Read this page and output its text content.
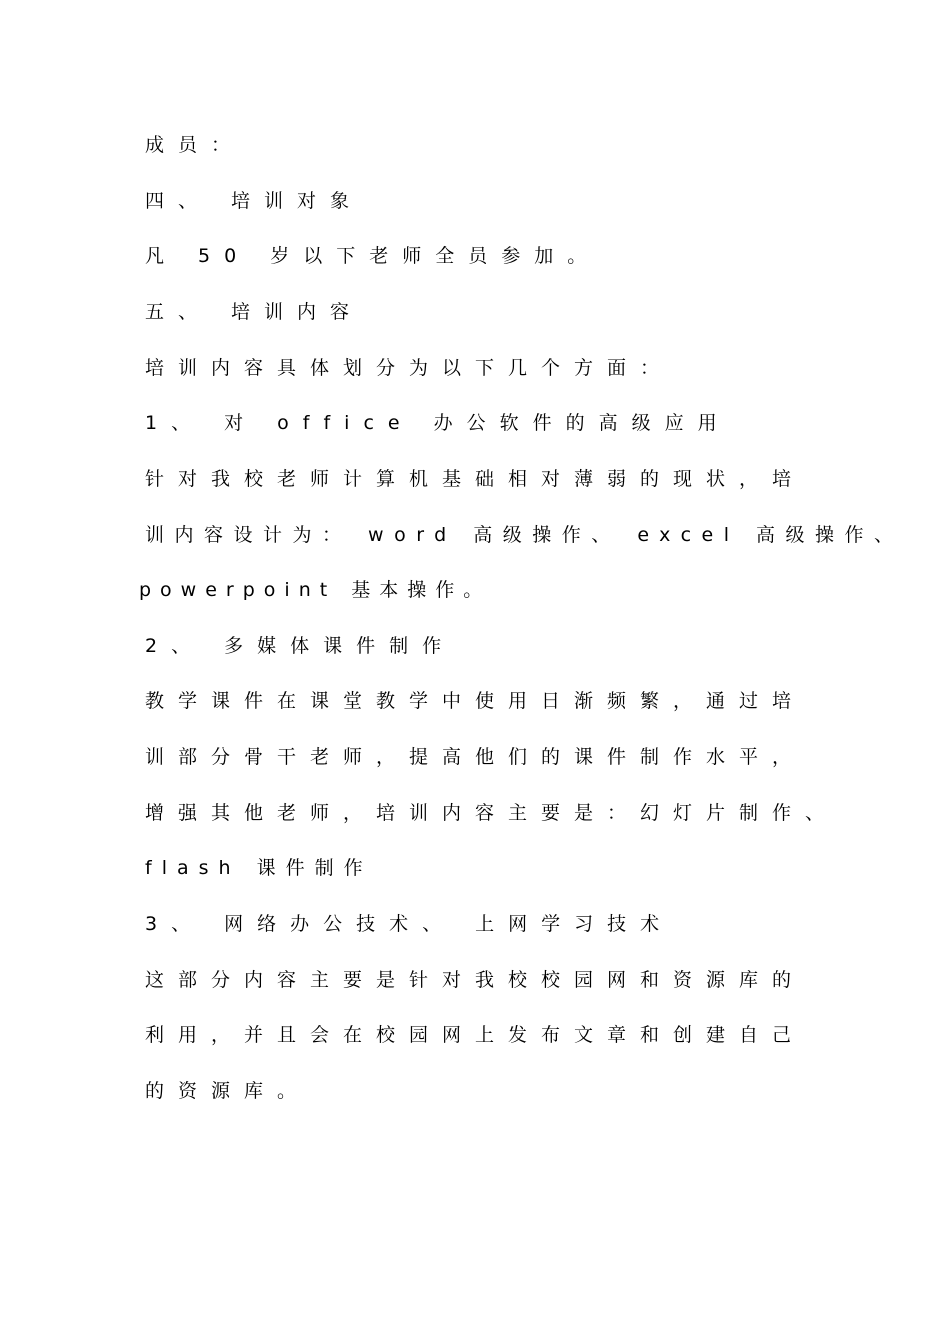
成员：
四、 培训对象
凡 50 岁以下老师全员参加。
五、 培训内容
培训内容具体划分为以下几个方面：
1、 对 office 办公软件的高级应用
针对我校老师计算机基础相对薄弱的现状，培
训内容设计为： word 高级操作、 excel 高级操作、
powerpoint 基本操作。
2、 多媒体课件制作
教学课件在课堂教学中使用日渐频繁，通过培
训部分骨干老师，提高他们的课件制作水平，
增强其他老师，培训内容主要是：幻灯片制作、
flash 课件制作
3、 网络办公技术、 上网学习技术
这部分内容主要是针对我校校园网和资源库的
利用，并且会在校园网上发布文章和创建自己
的资源库。
